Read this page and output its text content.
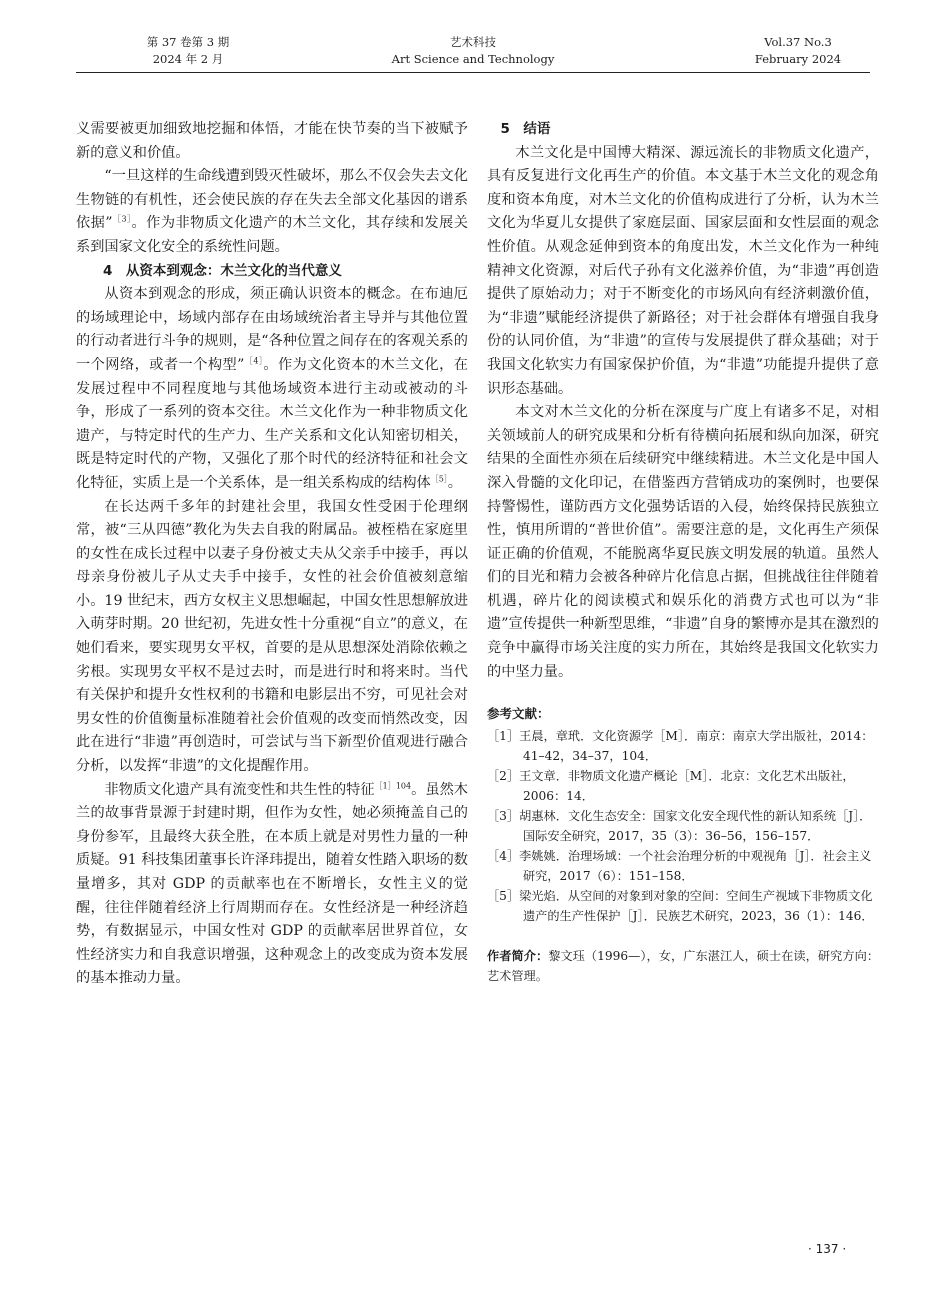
第 37 卷第 3 期
2024 年 2 月
艺术科技
Art Science and Technology
Vol.37 No.3
February 2024

义需要被更加细致地挖掘和体悟，才能在快节奏的当下被赋予新的意义和价值。

“一旦这样的生命线遭到毁灭性破坏，那么不仅会失去文化生物链的有机性，还会使民族的存在失去全部文化基因的谱系依据”$^{[3]}$。作为非物质文化遗产的木兰文化，其存续和发展关系到国家文化安全的系统性问题。

4　从资本到观念：木兰文化的当代意义

从资本到观念的形成，须正确认识资本的概念。在布迪厄的场域理论中，场域内部存在由场域统治者主导并与其他位置的行动者进行斗争的规则，是“各种位置之间存在的客观关系的一个网络，或者一个构型”$^{[4]}$。作为文化资本的木兰文化，在发展过程中不同程度地与其他场域资本进行主动或被动的斗争，形成了一系列的资本交往。木兰文化作为一种非物质文化遗产，与特定时代的生产力、生产关系和文化认知密切相关，既是特定时代的产物，又强化了那个时代的经济特征和社会文化特征，实质上是一个关系体，是一组关系构成的结构体$^{[5]}$。

在长达两千多年的封建社会里，我国女性受困于伦理纲常，被“三从四德”教化为失去自我的附属品。被桎梏在家庭里的女性在成长过程中以妻子身份被丈夫从父亲手中接手，再以母亲身份被儿子从丈夫手中接手，女性的社会价值被刻意缩小。19 世纪末，西方女权主义思想崛起，中国女性思想解放进入萌芽时期。20 世纪初，先进女性十分重视“自立”的意义，在她们看来，要实现男女平权，首要的是从思想深处消除依赖之劣根。实现男女平权不是过去时，而是进行时和将来时。当代有关保护和提升女性权利的书籍和电影层出不穷，可见社会对男女性的价值衡量标准随着社会价值观的改变而悄然改变，因此在进行“非遗”再创造时，可尝试与当下新型价值观进行融合分析，以发挥“非遗”的文化提醒作用。

非物质文化遗产具有流变性和共生性的特征$^{[1]104}$。虽然木兰的故事背景源于封建时期，但作为女性，她必须掩盖自己的身份参军，且最终大获全胜，在本质上就是对男性力量的一种质疑。91 科技集团董事长许泽玮提出，随着女性踏入职场的数量增多，其对 GDP 的贡献率也在不断增长，女性主义的觉醒，往往伴随着经济上行周期而存在。女性经济是一种经济趋势，有数据显示，中国女性对 GDP 的贡献率居世界首位，女性经济实力和自我意识增强，这种观念上的改变成为资本发展的基本推动力量。

5　结语

木兰文化是中国博大精深、源远流长的非物质文化遗产，具有反复进行文化再生产的价值。本文基于木兰文化的观念角度和资本角度，对木兰文化的价值构成进行了分析，认为木兰文化为华夏儿女提供了家庭层面、国家层面和女性层面的观念性价值。从观念延伸到资本的角度出发，木兰文化作为一种纯精神文化资源，对后代子孙有文化滋养价值，为“非遗”再创造提供了原始动力；对于不断变化的市场风向有经济刺激价值，为“非遗”赋能经济提供了新路径；对于社会群体有增强自我身份的认同价值，为“非遗”的宣传与发展提供了群众基础；对于我国文化软实力有国家保护价值，为“非遗”功能提升提供了意识形态基础。

本文对木兰文化的分析在深度与广度上有诸多不足，对相关领域前人的研究成果和分析有待横向拓展和纵向加深，研究结果的全面性亦须在后续研究中继续精进。木兰文化是中国人深入骨髓的文化印记，在借鉴西方营销成功的案例时，也要保持警惕性，谨防西方文化强势话语的入侵，始终保持民族独立性，慎用所谓的“普世价值”。需要注意的是，文化再生产须保证正确的价值观，不能脱离华夏民族文明发展的轨道。虽然人们的目光和精力会被各种碎片化信息占据，但挑战往往伴随着机遇，碎片化的阅读模式和娱乐化的消费方式也可以为“非遗”宣传提供一种新型思维，“非遗”自身的繁博亦是其在激烈的竞争中赢得市场关注度的实力所在，其始终是我国文化软实力的中坚力量。

参考文献：

［1］王晨，章玳．文化资源学［M］．南京：南京大学出版社，2014：41–42，34–37，104．

［2］王文章．非物质文化遗产概论［M］．北京：文化艺术出版社，2006：14．

［3］胡惠林．文化生态安全：国家文化安全现代性的新认知系统［J］．国际安全研究，2017，35（3）：36–56，156–157．

［4］李姚姚．治理场域：一个社会治理分析的中观视角［J］．社会主义研究，2017（6）：151–158．

［5］梁光焰．从空间的对象到对象的空间：空间生产视域下非物质文化遗产的生产性保护［J］．民族艺术研究，2023，36（1）：146．

作者简介：黎文珏（1996—），女，广东湛江人，硕士在读，研究方向：艺术管理。
· 137 ·
